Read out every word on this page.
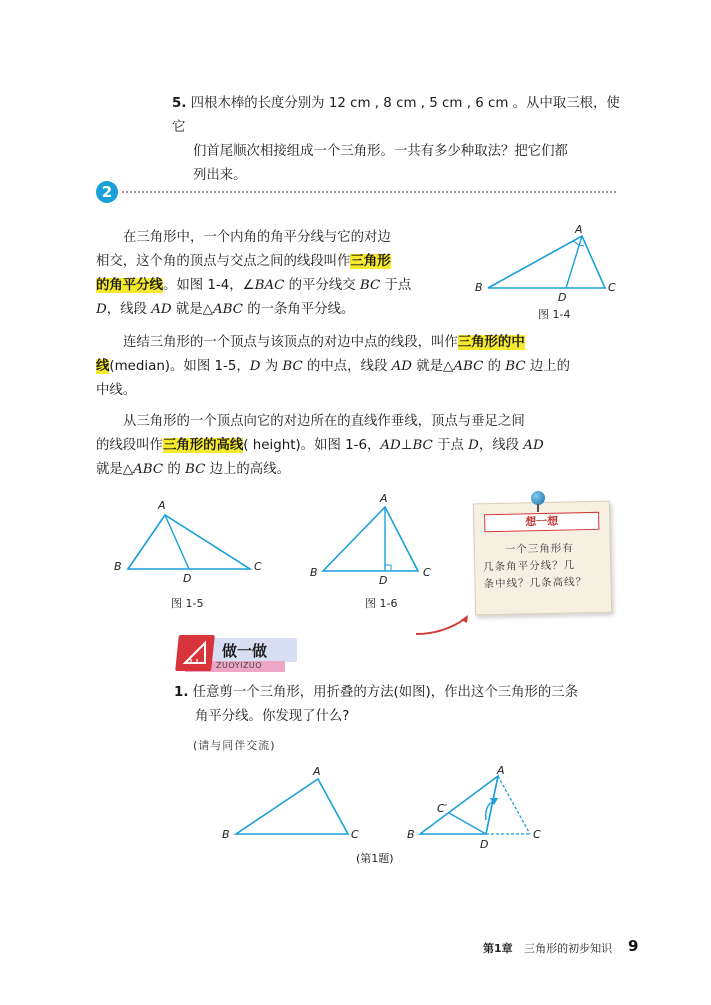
5. 四根木棒的长度分别为 12 cm , 8 cm , 5 cm , 6 cm 。从中取三根，使它
们首尾顺次相接组成一个三角形。一共有多少种取法？把它们都
列出来。
2
在三角形中，一个内角的角平分线与它的对边
相交，这个角的顶点与交点之间的线段叫作三角形
的角平分线。如图 1-4，∠BAC 的平分线交 BC 于点
D，线段 AD 就是△ABC 的一条角平分线。
A
B	C
D
图 1-4
连结三角形的一个顶点与该顶点的对边中点的线段，叫作三角形的中
线(median)。如图 1-5，D 为 BC 的中点，线段 AD 就是△ABC 的 BC 边上的
中线。
从三角形的一个顶点向它的对边所在的直线作垂线，顶点与垂足之间
的线段叫作三角形的高线( height)。如图 1-6，AD⊥BC 于点 D，线段 AD
就是△ABC 的 BC 边上的高线。
A
B	C
D
图 1-5
A
B	C
D
图 1-6
想一想
一个三角形有
几条角平分线？几
条中线？几条高线？
做一做
ZUOYIZUO
1. 任意剪一个三角形，用折叠的方法(如图)，作出这个三角形的三条
角平分线。你发现了什么?
(请与同伴交流)
A
B	C
A
B	C
D
C′
(第1题)
第1章 三角形的初步知识 9
